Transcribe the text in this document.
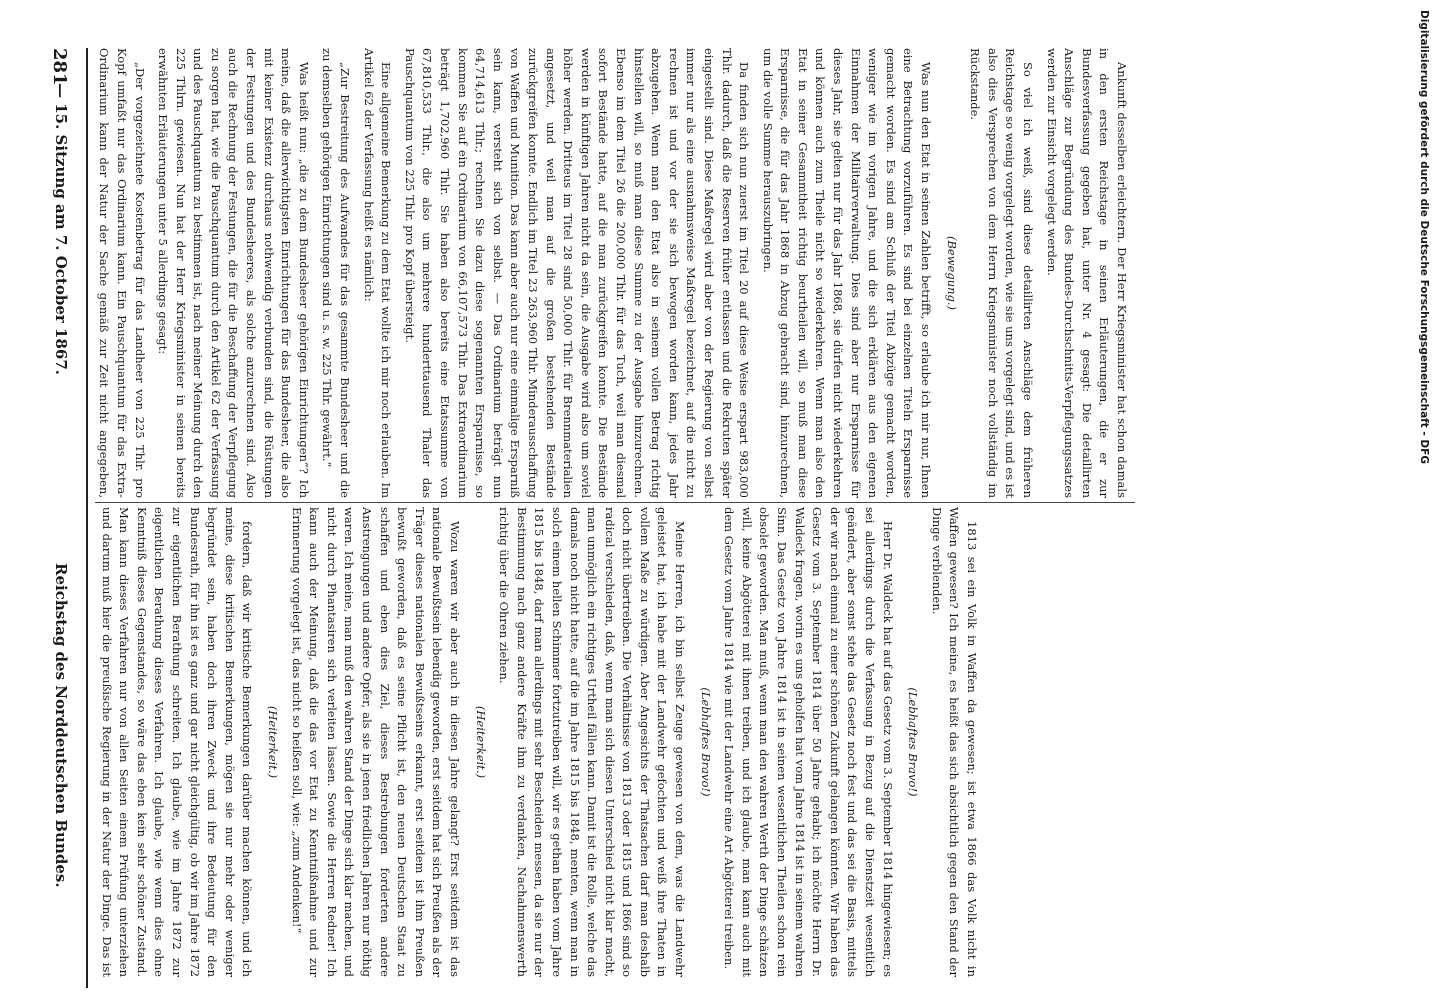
Digitalisierung gefördert durch die Deutsche Forschungsgemeinschaft - DFG
281
— 15. Sitzung am 7. October 1867.
Reichstag des Norddeutschen Bundes.

Ankunft desselben erleichtern. Der Herr Kriegsminister hat schon damals in den ersten Reichstage in seinen Erläuterungen, die er zur Bundesverfassung gegeben hat, unter Nr. 4 gesagt: Die detaillirten Anschläge zur Begründung des Bundes-Durchschnitts-Verpflegungssatzes werden zur Einsicht vorgelegt werden.

So viel ich weiß, sind diese detaillirten Anschläge dem früheren Reichstage so wenig vorgelegt worden, wie sie uns vorgelegt sind, und es ist also dies Versprechen von dem Herrn Kriegsminister noch vollständig im Rückstande.

(Bewegung.)

Was nun den Etat in seinen Zahlen betrifft, so erlaube ich mir nur, Ihnen eine Betrachtung vorzuführen. Es sind bei einzelnen Titeln Ersparnisse gemacht worden. Es sind am Schluß der Titel Abzüge gemacht worden, weniger wie im vorigen Jahre, und die sich erklären aus den eigenen Einnahmen der Militairverwaltung. Dies sind aber nur Ersparnisse für dieses Jahr, sie gelten nur für das Jahr 1868, sie dürfen nicht wiederkehren und können auch zum Theile nicht so wiederkehren. Wenn man also den Etat in seiner Gesammtheit richtig beurtheilen will, so muß man diese Ersparnisse, die für das Jahr 1868 in Abzug gebracht sind, hinzurechnen, um die volle Summe herauszubringen.

Da finden sich nun zuerst im Titel 20 auf diese Weise erspart 983,000 Thlr. dadurch, daß die Reserven früher entlassen und die Rekruten später eingestellt sind. Diese Maßregel wird aber von der Regierung von selbst immer nur als eine ausnahmsweise Maßregel bezeichnet, auf die nicht zu rechnen ist und vor der sie sich bewogen worden kann, jedes Jahr abzugehen. Wenn man den Etat also in seinem vollen Betrag richtig hinstellen will, so muß man diese Summe zu der Ausgabe hinzurechnen. Ebenso im dem Titel 26 die 200,000 Thlr. für das Tuch, weil man diesmal sofort Bestände hatte, auf die man zurückgreifen konnte. Die Bestände werden in künftigen Jahren nicht da sein, die Ausgabe wird also um soviel höher werden. Dritteus im Titel 28 sind 50,000 Thlr. für Brennmaterialien angesetzt, und weil man auf die großen bestehenden Bestände zurückgreifen konnte. Endlich im Titel 23 263,960 Thlr. Minderausschaffung von Waffen und Munition. Das kann aber auch nur eine einmalige Ersparniß sein kann, versteht sich von selbst. — Das Ordinarium beträgt nun 64,714,613 Thlr.; rechnen Sie dazu diese sogenannten Ersparnisse, so kommen Sie auf ein Ordinarium von 66,107,573 Thlr. Das Extraordinarium beträgt 1,702,960 Thlr. Sie haben also bereits eine Etatssumme von 67,810,533 Thlr., die also um mehrere hunderttausend Thaler das Pauschquantum von 225 Thlr. pro Kopf übersteigt.

Eine allgemeine Bemerkung zu dem Etat wollte ich mir noch erlauben. Im Artikel 62 der Verfassung heißt es nämlich:

„Zur Bestreitung des Aufwandes für das gesammte Bundesheer und die zu demselben gehörigen Einrichtungen sind u. s. w. 225 Thlr. gewährt.“

Was heißt nun: „die zu dem Bundesheer gehörigen Einrichtungen“? Ich meine, daß die allerwichtigsten Einrichtungen für das Bundesheer, die also mit keiner Existenz durchaus nothwendig verbunden sind, die Rüstungen der Festungen und des Bundesheeres, als solche anzurechnen sind. Also auch die Rechnung der Festungen, die für die Beschaffung der Verpflegung zu sorgen hat, wie die Pauschquantum durch den Artikel 62 der Verfassung und des Pauschquantum zu bestimmen ist, nach meiner Meinung durch den 225 Thlrn. gewiesen. Nun hat der Herr Kriegsminister in seinen bereits erwähnten Erläuterungen unter 5 allerdings gesagt:

„Der vorgezeichnete Kostenbetrag für das Landheer von 225 Thlr. pro Kopf umfaßt nur das Ordinarium kann. Ein Pauschquantum für das Extra-Ordinarium kann der Natur der Sache gemäß zur Zeit nicht angegeben,

1813 sei ein Volk in Waffen da gewesen; ist etwa 1866 das Volk nicht in Waffen gewesen? Ich meine, es heißt das sich absichtlich gegen den Stand der Dinge verblenden.

(Lebhaftes Bravo!)

Herr Dr. Waldeck hat auf das Gesetz vom 3. September 1814 hingewiesen; es sei allerdings durch die Verfassung in Bezug auf die Dienstzeit wesentlich geändert, aber sonst stehe das Gesetz noch fest und das sei die Basis, mittels der wir nach einmal zu einer schönen Zukunft gelangen könnten. Wir haben das Gesetz vom 3. September 1814 über 50 Jahre gehabt; ich möchte Herrn Dr. Waldeck fragen, worin es uns geholfen hat vom Jahre 1814 ist in seinem wahren Sinn. Das Gesetz von Jahre 1814 ist in seinen wesentlichen Theilen schon rein obsolet geworden. Man muß, wenn man den wahren Werth der Dinge schätzen will, keine Abgötterei mit ihnen treiben, und ich glaube, man kann auch mit dem Gesetz vom Jahre 1814 wie mit der Landwehr eine Art Abgötterei treiben.

(Lebhaftes Bravo!)

Meine Herren, ich bin selbst Zeuge gewesen von dem, was die Landwehr geleistet hat, ich habe mit der Landwehr gefochten und weiß ihre Thaten in vollem Maße zu würdigen. Aber Angesichts der Thatsachen darf man deshalb doch nicht übertreiben. Die Verhältnisse von 1813 oder 1815 und 1866 sind so radical verschieden, daß, wenn man sich diesen Unterschied nicht klar macht, man unmöglich ein richtiges Urtheil fällen kann. Damit ist die Rolle, welche das damals noch nicht hatte, auf die im Jahre 1815 bis 1848, menten, wenn man in solch einem hellen Schimmer fortzutreiben will, wir es gethan haben vom Jahre 1815 bis 1848, darf man allerdings mit sehr Bescheiden messen, da sie nur der Bestimmung nach ganz andere Kräfte ihm zu verdanken, Nachahmenswerth richtig über die Ohren ziehen.

(Heiterkeit.)

Wozu waren wir aber auch in diesen Jahre gelangt? Erst seitdem ist das nationale Bewußtsein lebendig geworden, erst seitdem hat sich Preußen als der Träger dieses nationalen Bewußtseins erkannt, erst seitdem ist ihm Preußen bewußt geworden, daß es seine Pflicht ist, den neuen Deutschen Staat zu schaffen und eben dies Ziel, dieses Bestrebungen forderten andere Anstrengungen und andere Opfer, als sie in jenen friedlichen Jahren nur nöthig waren. Ich meine, man muß den wahren Stand der Dinge sich klar machen, und nicht durch Phantasiren sich verleiten lassen. Sowie die Herren Redner! Ich kann auch der Meinung, daß die das vor Etat zu Kenntnißnahme und zur Erinnerung vorgelegt ist, das nicht so heißen soll, wie: „zum Andenken!“

(Heiterkeit.)

fordern, daß wir kritische Bemerkungen darüber machen können, und ich meine, diese kritischen Bemerkungen, mögen sie nur mehr oder weniger begründet sein, haben doch ihren Zweck und ihre Bedeutung für den Bundesrath, für ihn ist es ganz und gar nicht gleichgültig, ob wir im Jahre 1872 zur eigentlichen Berathung schreiten. Ich glaube, wie im Jahre 1872 zur eigentlichen Berathung dieses Verfahren. Ich glaube, wie wenn dies ohne Kenntniß dieses Gegenstandes, so wäre das eben kein sehr schöner Zustand. Man kann dieses Verfahren nur von allen Seiten einem Prüfung unterziehen und darum muß hier die preußische Regierung in der Natur der Dinge. Das ist
